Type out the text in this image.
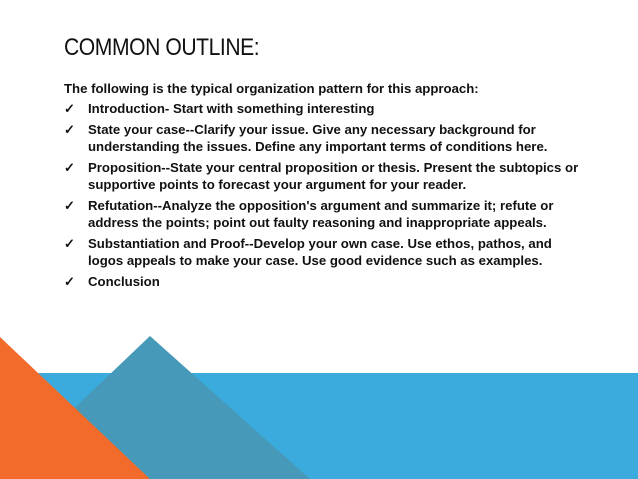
COMMON OUTLINE:

The following is the typical organization pattern for this approach:

✓ Introduction- Start with something interesting
✓ State your case--Clarify your issue. Give any necessary background for understanding the issues. Define any important terms of conditions here.
✓ Proposition--State your central proposition or thesis. Present the subtopics or supportive points to forecast your argument for your reader.
✓ Refutation--Analyze the opposition's argument and summarize it; refute or address the points; point out faulty reasoning and inappropriate appeals.
✓ Substantiation and Proof--Develop your own case. Use ethos, pathos, and logos appeals to make your case. Use good evidence such as examples.
✓ Conclusion
